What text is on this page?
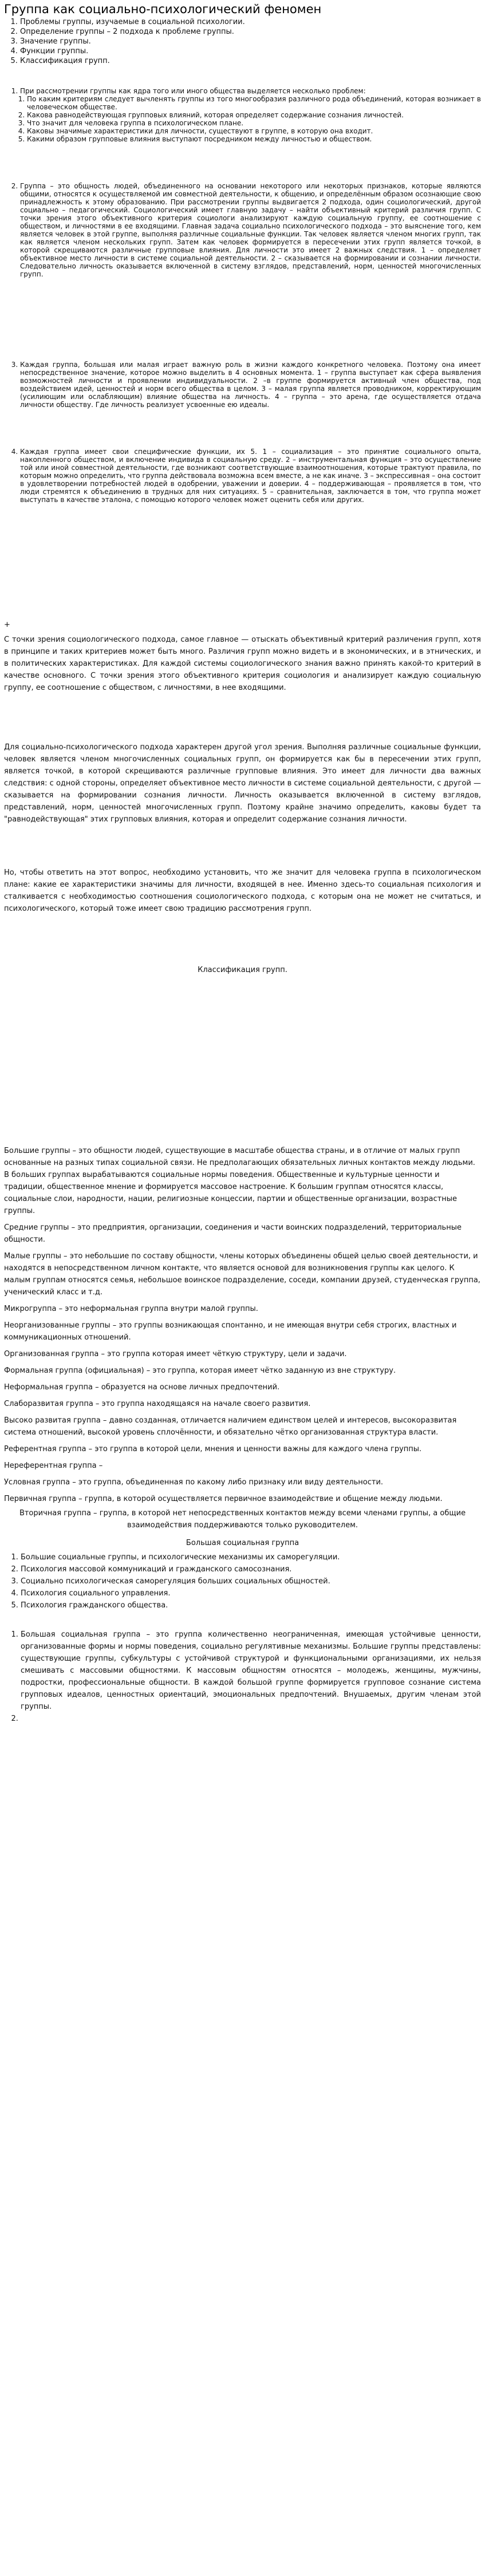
Группа как социально-психологический феномен
1. Проблемы группы, изучаемые в социальной психологии.
2. Определение группы – 2 подхода к проблеме группы.
3. Значение группы.
4. Функции группы.
5. Классификация групп.
1. При рассмотрении группы как ядра того или иного общества выделяется несколько проблем:
1. По каким критериям следует вычленять группы из того многообразия различного рода объединений, которая возникает в человеческом обществе.
2. Какова равнодействующая групповых влияний, которая определяет содержание сознания личностей.
3. Что значит для человека группа в психологическом плане.
4. Каковы значимые характеристики для личности, существуют в группе, в которую она входит.
5. Какими образом групповые влияния выступают посредником между личностью и обществом.
2. Группа – это общность людей, объединенного на основании некоторого или некоторых признаков, которые являются общими, относятся к осуществляемой им совместной деятельности, к общению, и определённым образом осознающие свою принадлежность к этому образованию. При рассмотрении группы выдвигается 2 подхода, один социологический, другой социально – педагогический. Социологический имеет главную задачу – найти объективный критерий различия групп. С точки зрения этого объективного критерия социологи анализируют каждую социальную группу, ее соотношение с обществом, и личностями в ее входящими. Главная задача социально психологического подхода – это выяснение того, кем является человек в этой группе, выполняя различные социальные функции. Так человек является членом многих групп, так как является членом нескольких групп. Затем как человек формируется в пересечении этих групп является точкой, в которой скрещиваются различные групповые влияния. Для личности это имеет 2 важных следствия. 1 – определяет объективное место личности в системе социальной деятельности. 2 – сказывается на формировании и сознании личности. Следовательно личность оказывается включенной в систему взглядов, представлений, норм, ценностей многочисленных групп.
3. Каждая группа, большая или малая играет важную роль в жизни каждого конкретного человека. Поэтому она имеет непосредственное значение, которое можно выделить в 4 основных момента. 1 – группа выступает как сфера выявления возможностей личности и проявлении индивидуальности. 2 –в группе формируется активный член общества, под воздействием идей, ценностей и норм всего общества в целом. 3 – малая группа является проводником, корректирующим (усилиющим или ослабляющим) влияние общества на личность. 4 – группа – это арена, где осуществляется отдача личности обществу. Где личность реализует усвоенные ею идеалы.
4. Каждая группа имеет свои специфические функции, их 5. 1 – социализация – это принятие социального опыта, накопленного обществом, и включение индивида в социальную среду. 2 – инструментальная функция – это осуществление той или иной совместной деятельности, где возникают соответствующие взаимоотношения, которые трактуют правила, по которым можно определить, что группа действовала возможна всем вместе, а не как иначе. 3 – экспрессивная – она состоит в удовлетворении потребностей людей в одобрении, уважении и доверии. 4 – поддерживающая – проявляется в том, что люди стремятся к объединению в трудных для них ситуациях. 5 – сравнительная, заключается в том, что группа может выступать в качестве эталона, с помощью которого человек может оценить себя или других.
+

С точки зрения социологического подхода, самое главное — отыскать объективный критерий различения групп, хотя в принципе и таких критериев может быть много. Различия групп можно видеть и в экономических, и в этнических, и в политических характеристиках. Для каждой системы социологического знания важно принять какой-то критерий в качестве основного. С точки зрения этого объективного критерия социология и анализирует каждую социальную группу, ее соотношение с обществом, с личностями, в нее входящими.

Для социально-психологического подхода характерен другой угол зрения. Выполняя различные социальные функции, человек является членом многочисленных социальных групп, он формируется как бы в пересечении этих групп, является точкой, в которой скрещиваются различные групповые влияния. Это имеет для личности два важных следствия: с одной стороны, определяет объективное место личности в системе социальной деятельности, с другой — сказывается на формировании сознания личности. Личность оказывается включенной в систему взглядов, представлений, норм, ценностей многочисленных групп. Поэтому крайне значимо определить, каковы будет та "равнодействующая" этих групповых влияния, которая и определит содержание сознания личности.

Но, чтобы ответить на этот вопрос, необходимо установить, что же значит для человека группа в психологическом плане: какие ее характеристики значимы для личности, входящей в нее. Именно здесь-то социальная психология и сталкивается с необходимостью соотношения социологического подхода, с которым она не может не считаться, и психологического, который тоже имеет свою традицию рассмотрения групп.

Классификация групп.

Большие группы – это общности людей, существующие в масштабе общества страны, и в отличие от малых групп основанные на разных типах социальной связи. Не предполагающих обязательных личных контактов между людьми. В больших группах вырабатываются социальные нормы поведения. Общественные и культурные ценности и традиции, общественное мнение и формируется массовое настроение. К большим группам относятся классы, социальные слои, народности, нации, религиозные концессии, партии и общественные организации, возрастные группы.

Средние группы – это предприятия, организации, соединения и части воинских подразделений, территориальные общности.

Малые группы – это небольшие по составу общности, члены которых объединены общей целью своей деятельности, и находятся в непосредственном личном контакте, что является основой для возникновения группы как целого. К малым группам относятся семья, небольшое воинское подразделение, соседи, компании друзей, студенческая группа, ученический класс и т.д.

Микрогруппа – это неформальная группа внутри малой группы.

Неорганизованные группы – это группы возникающая спонтанно, и не имеющая внутри себя строгих, властных и коммуникационных отношений.

Организованная группа – это группа которая имеет чёткую структуру, цели и задачи.

Формальная группа (официальная) – это группа, которая имеет чётко заданную из вне структуру.

Неформальная группа – образуется на основе личных предпочтений.

Слаборазвитая группа – это группа находящаяся на начале своего развития.

Высоко развитая группа – давно созданная, отличается наличием единством целей и интересов, высокоразвитая система отношений, высокой уровень сплочённости, и обязательно чётко организованная структура власти.

Референтная группа – это группа в которой цели, мнения и ценности важны для каждого члена группы.

Нереферентная группа –

Условная группа – это группа, объединенная по какому либо признаку или виду деятельности.

Первичная группа – группа, в которой осуществляется первичное взаимодействие и общение между людьми.

Вторичная группа – группа, в которой нет непосредственных контактов между всеми членами группы, а общие взаимодействия поддерживаются только руководителем.

Большая социальная группа
1. Большие социальные группы, и психологические механизмы их саморегуляции.
2. Психология массовой коммуникаций и гражданского самосознания.
3. Социально психологическая саморегуляция больших социальных общностей.
4. Психология социального управления.
5. Психология гражданского общества.
1. Большая социальная группа – это группа количественно неограниченная, имеющая устойчивые ценности, организованные формы и нормы поведения, социально регулятивные механизмы. Большие группы представлены: существующие группы, субкультуры с устойчивой структурой и функциональными организациями, их нельзя смешивать с массовыми общностями. К массовым общностям относятся – молодежь, женщины, мужчины, подростки, профессиональные общности. В каждой большой группе формируется групповое сознание система групповых идеалов, ценностных ориентаций, эмоциональных предпочтений. Внушаемых, другим членам этой группы.
2.
